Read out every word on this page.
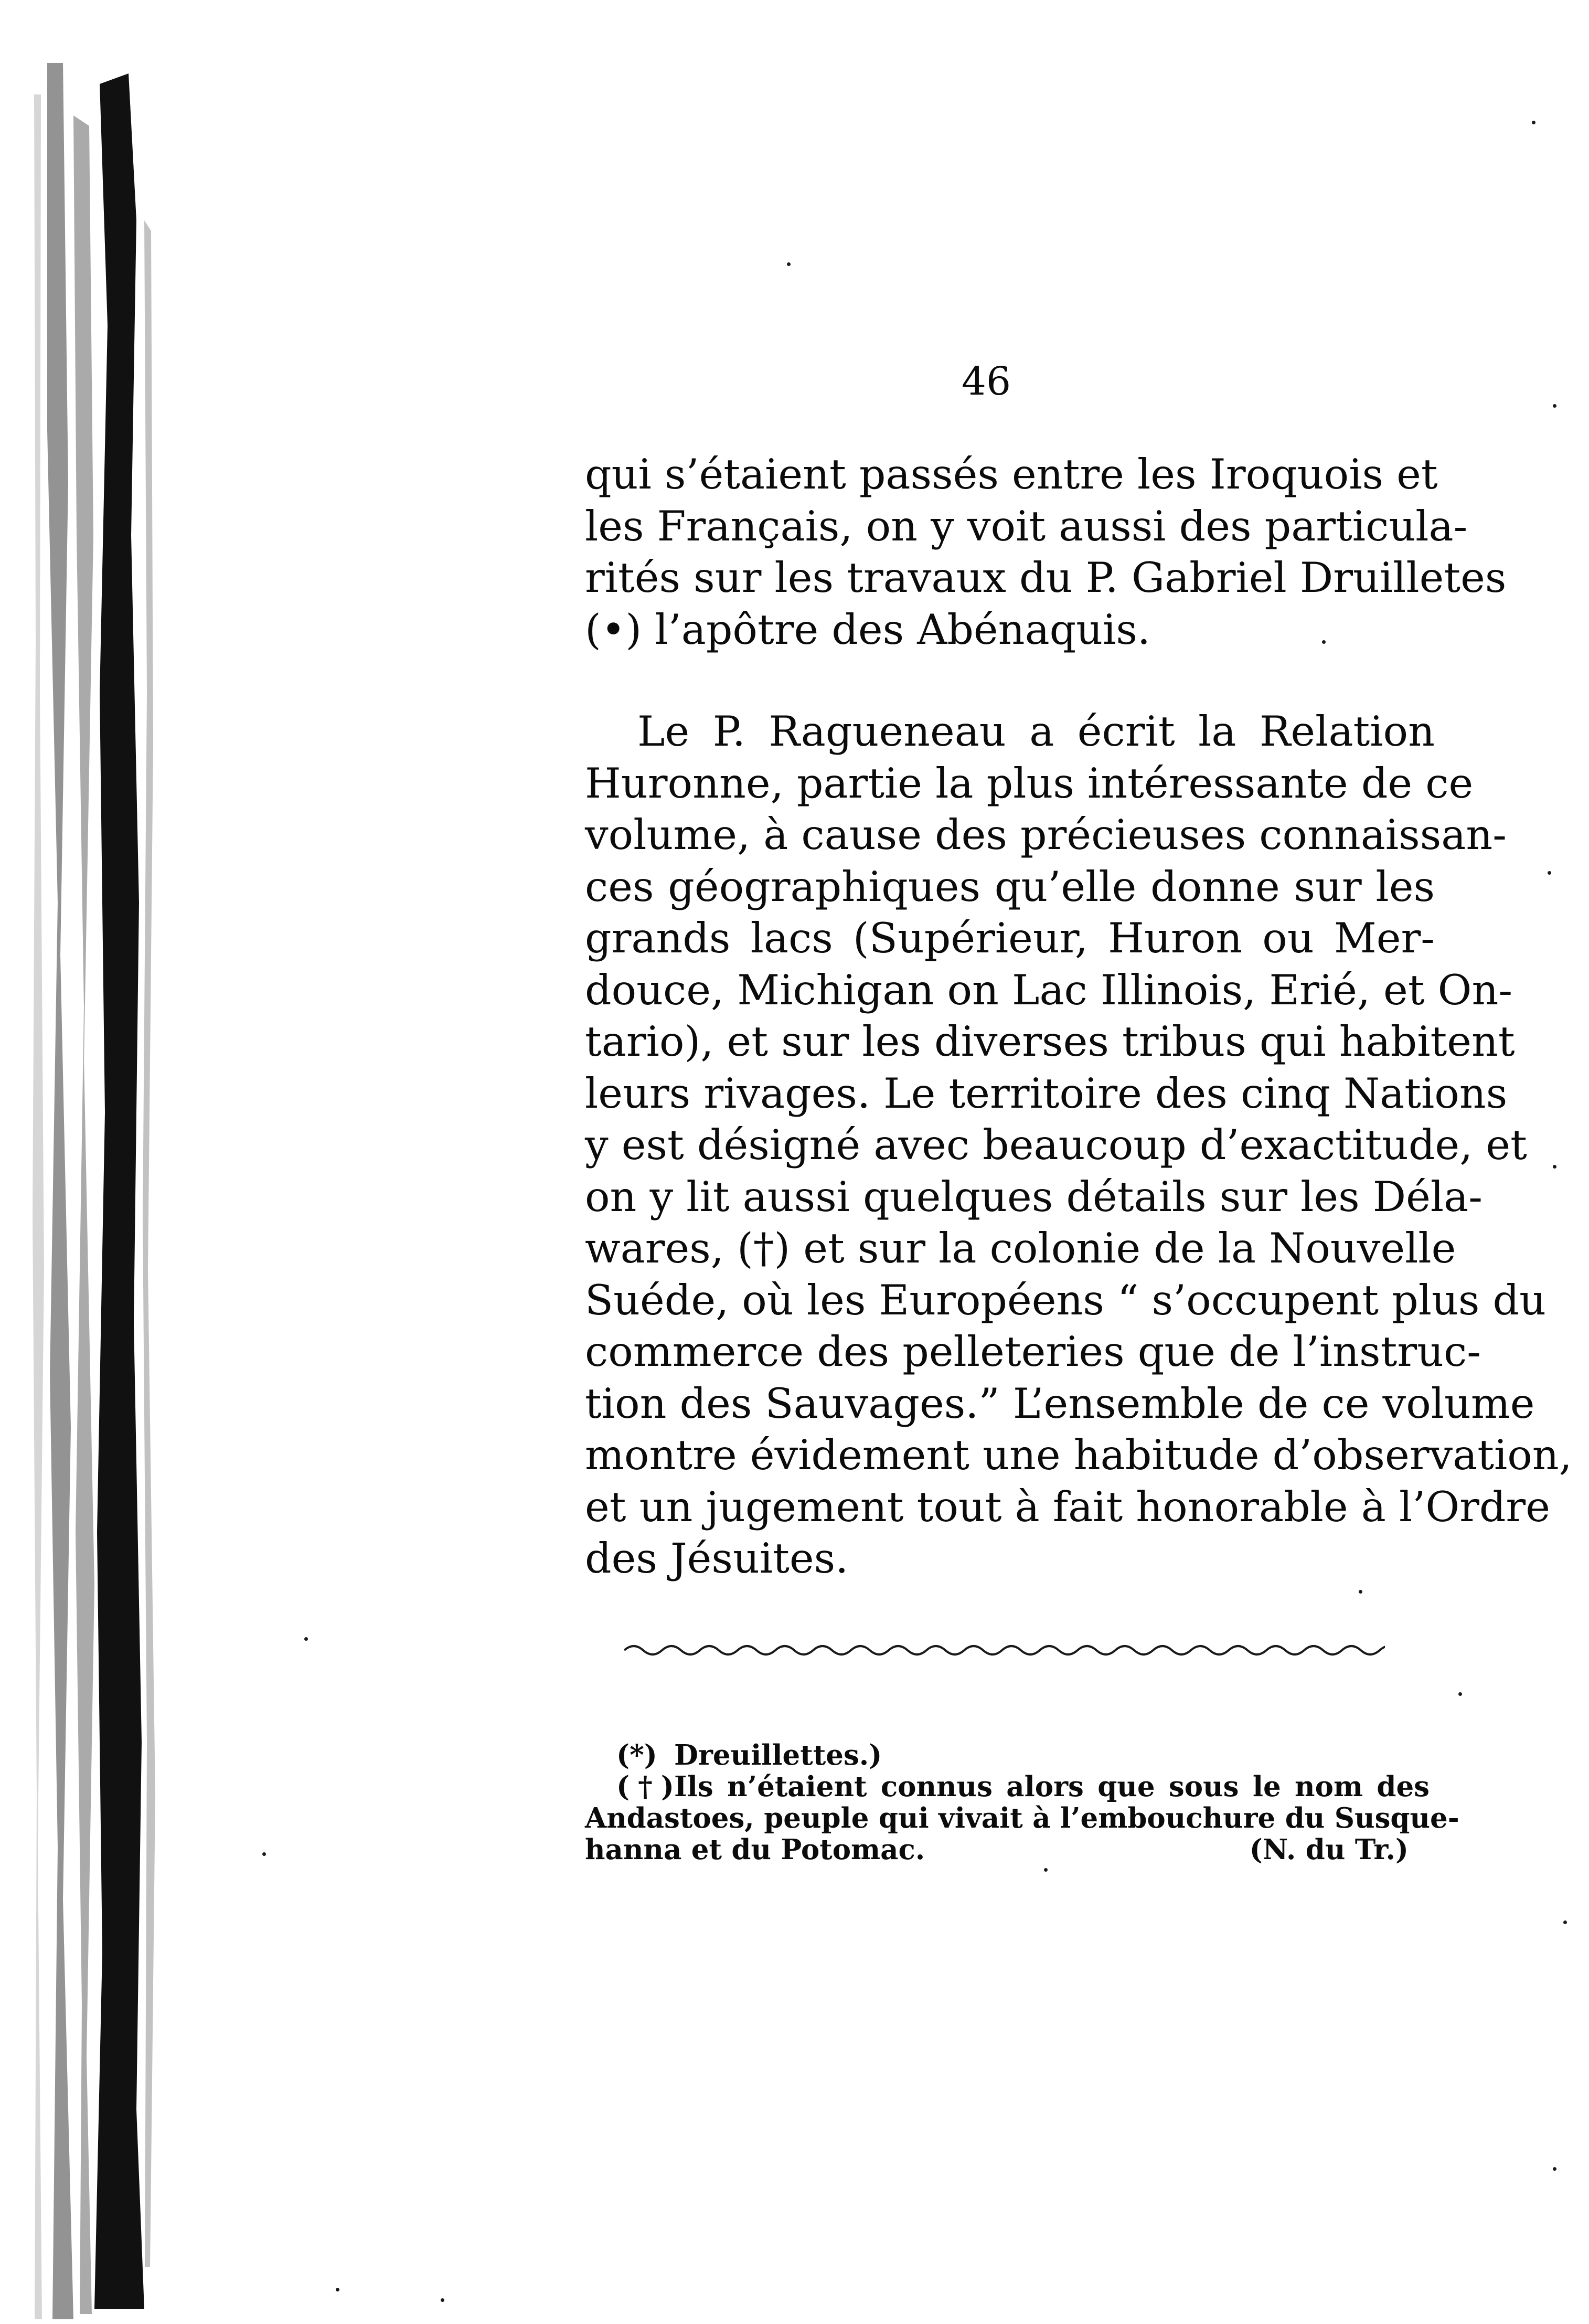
46

qui s’étaient passés entre les Iroquois et
les Français, on y voit aussi des particula-
rités sur les travaux du P. Gabriel Druilletes
(•) l’apôtre des Abénaquis.

Le P. Ragueneau a écrit la Relation
Huronne, partie la plus intéressante de ce
volume, à cause des précieuses connaissan-
ces géographiques qu’elle donne sur les
grands lacs (Supérieur, Huron ou Mer-
douce, Michigan on Lac Illinois, Erié, et On-
tario), et sur les diverses tribus qui habitent
leurs rivages. Le territoire des cinq Nations
y est désigné avec beaucoup d’exactitude, et
on y lit aussi quelques détails sur les Déla-
wares, (†) et sur la colonie de la Nouvelle
Suéde, où les Européens “ s’occupent plus du
commerce des pelleteries que de l’instruc-
tion des Sauvages.” L’ensemble de ce volume
montre évidement une habitude d’observation,
et un jugement tout à fait honorable à l’Ordre
des Jésuites.

(*) Dreuillettes.)
(†)Ils n’étaient connus alors que sous le nom des
Andastoes, peuple qui vivait à l’embouchure du Susque-
hanna et du Potomac.	(N. du Tr.)
